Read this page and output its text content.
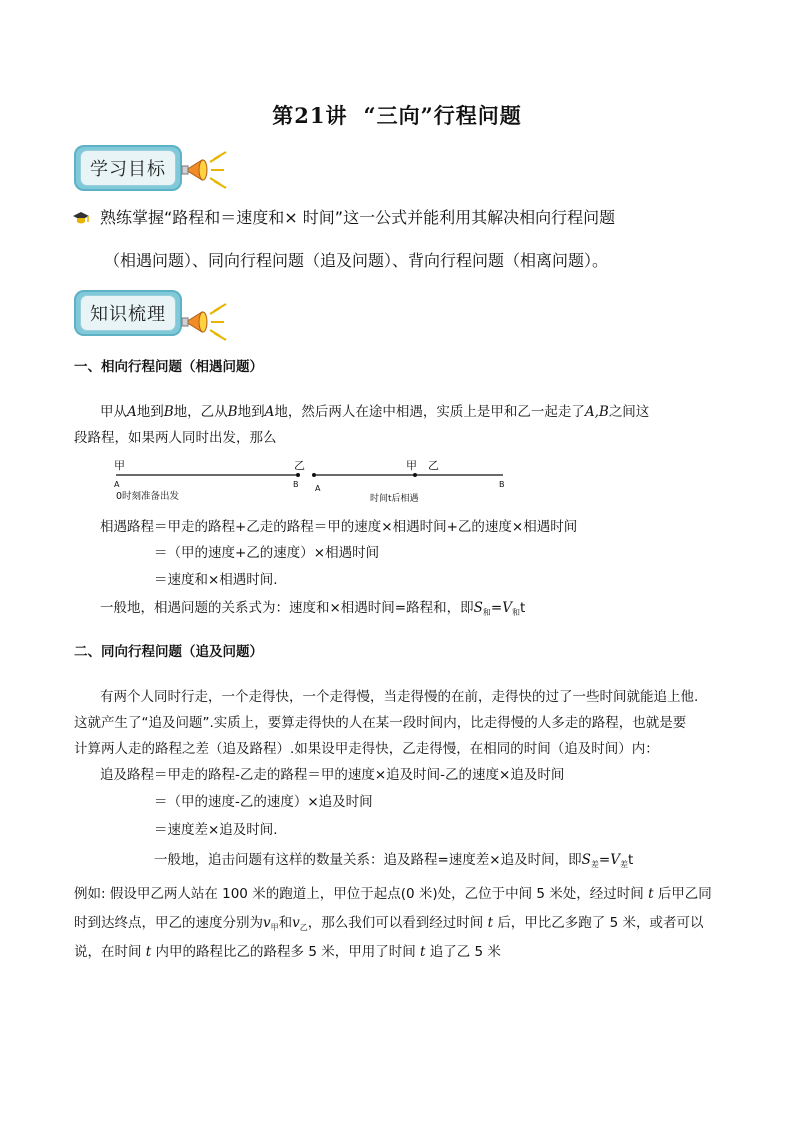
第21讲 “三向”行程问题
学习目标
熟练掌握“路程和＝速度和× 时间”这一公式并能利用其解决相向行程问题
（相遇问题）、同向行程问题（追及问题）、背向行程问题（相离问题）。
知识梳理
一、相向行程问题（相遇问题）
甲从A地到B地，乙从B地到A地，然后两人在途中相遇，实质上是甲和乙一起走了A,B之间这
段路程，如果两人同时出发，那么
甲	乙
A	B
0时刻准备出发
甲 乙
A	B
时间t后相遇
相遇路程＝甲走的路程+乙走的路程＝甲的速度×相遇时间+乙的速度×相遇时间
＝（甲的速度+乙的速度）×相遇时间
＝速度和×相遇时间.
一般地，相遇问题的关系式为：速度和×相遇时间=路程和，即$S_和=V_和t$
二、同向行程问题（追及问题）
有两个人同时行走，一个走得快，一个走得慢，当走得慢的在前，走得快的过了一些时间就能追上他.
这就产生了“追及问题”.实质上，要算走得快的人在某一段时间内，比走得慢的人多走的路程，也就是要
计算两人走的路程之差（追及路程）.如果设甲走得快，乙走得慢，在相同的时间（追及时间）内：
追及路程＝甲走的路程-乙走的路程＝甲的速度×追及时间-乙的速度×追及时间
＝（甲的速度-乙的速度）×追及时间
＝速度差×追及时间.
一般地，追击问题有这样的数量关系：追及路程=速度差×追及时间，即$S_差=V_差t$
例如: 假设甲乙两人站在 100 米的跑道上，甲位于起点(0 米)处，乙位于中间 5 米处，经过时间 t 后甲乙同
时到达终点，甲乙的速度分别为$v_甲$和$v_乙$，那么我们可以看到经过时间 t 后，甲比乙多跑了 5 米，或者可以
说，在时间 t 内甲的路程比乙的路程多 5 米，甲用了时间 t 追了乙 5 米
